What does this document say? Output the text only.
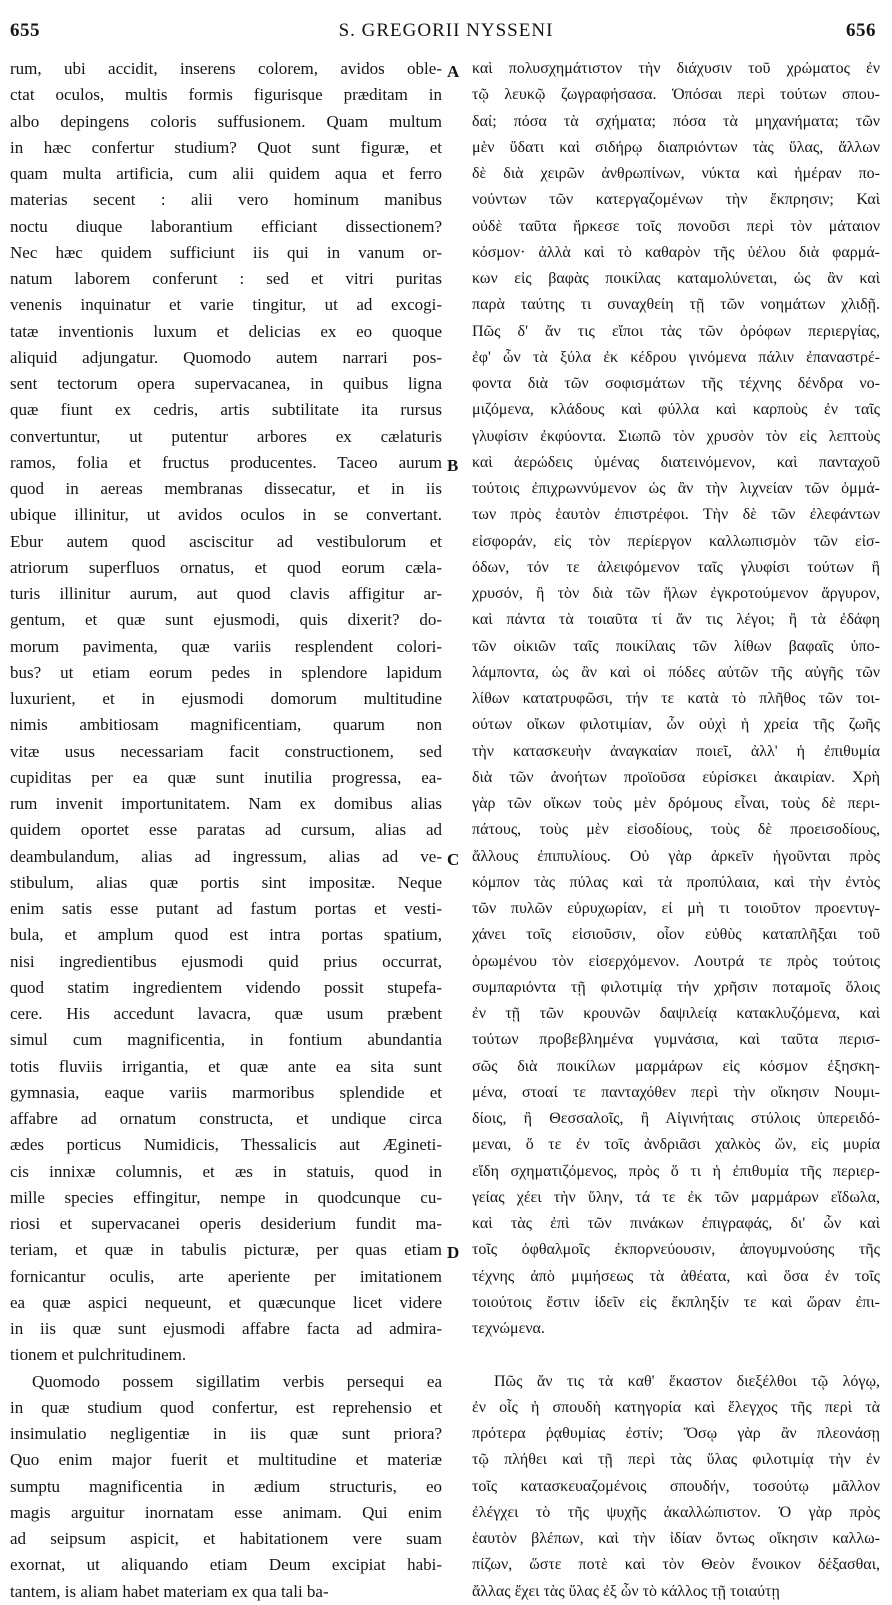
655	S. GREGORII NYSSENI	656
rum, ubi accidit, inserens colorem, avidos oble-
ctat oculos, multis formis figurisque præditam in
albo depingens coloris suffusionem. Quam multum
in hæc confertur studium? Quot sunt figuræ, et
quam multa artificia, cum alii quidem aqua et ferro
materias secent : alii vero hominum manibus
noctu diuque laborantium efficiant dissectionem?
Nec hæc quidem sufficiunt iis qui in vanum or-
natum laborem conferunt : sed et vitri puritas
venenis inquinatur et varie tingitur, ut ad excogi-
tatæ inventionis luxum et delicias ex eo quoque
aliquid adjungatur. Quomodo autem narrari pos-
sent tectorum opera supervacanea, in quibus ligna
quæ fiunt ex cedris, artis subtilitate ita rursus
convertuntur, ut putentur arbores ex cælaturis
ramos, folia et fructus producentes. Taceo aurum
quod in aereas membranas dissecatur, et in iis
ubique illinitur, ut avidos oculos in se convertant.
Ebur autem quod asciscitur ad vestibulorum et
atriorum superfluos ornatus, et quod eorum cæla-
turis illinitur aurum, aut quod clavis affigitur ar-
gentum, et quæ sunt ejusmodi, quis dixerit? do-
morum pavimenta, quæ variis resplendent colori-
bus? ut etiam eorum pedes in splendore lapidum
luxurient, et in ejusmodi domorum multitudine
nimis ambitiosam magnificentiam, quarum non
vitæ usus necessariam facit constructionem, sed
cupiditas per ea quæ sunt inutilia progressa, ea-
rum invenit importunitatem. Nam ex domibus alias
quidem oportet esse paratas ad cursum, alias ad
deambulandum, alias ad ingressum, alias ad ve-
stibulum, alias quæ portis sint impositæ. Neque
enim satis esse putant ad fastum portas et vesti-
bula, et amplum quod est intra portas spatium,
nisi ingredientibus ejusmodi quid prius occurrat,
quod statim ingredientem videndo possit stupefa-
cere. His accedunt lavacra, quæ usum præbent
simul cum magnificentia, in fontium abundantia
totis fluviis irrigantia, et quæ ante ea sita sunt
gymnasia, eaque variis marmoribus splendide et
affabre ad ornatum constructa, et undique circa
ædes porticus Numidicis, Thessalicis aut Ægineti-
cis innixæ columnis, et æs in statuis, quod in
mille species effingitur, nempe in quodcunque cu-
riosi et supervacanei operis desiderium fundit ma-
teriam, et quæ in tabulis picturæ, per quas etiam
fornicantur oculis, arte aperiente per imitationem
ea quæ aspici nequeunt, et quæcunque licet videre
in iis quæ sunt ejusmodi affabre facta ad admira-
tionem et pulchritudinem.
Quomodo possem sigillatim verbis persequi ea
in quæ studium quod confertur, est reprehensio et
insimulatio negligentiæ in iis quæ sunt priora?
Quo enim major fuerit et multitudine et materiæ
sumptu magnificentia in ædium structuris, eo
magis arguitur inornatam esse animam. Qui enim
ad seipsum aspicit, et habitationem vere suam
exornat, ut aliquando etiam Deum excipiat habi-
tantem, is aliam habet materiam ex qua tali ba-
A
B
C
D
καὶ πολυσχημάτιστον τὴν διάχυσιν τοῦ χρώματος ἐν
τῷ λευκῷ ζωγραφήσασα. Ὁπόσαι περὶ τούτων σπου-
δαί; πόσα τὰ σχήματα; πόσα τὰ μηχανήματα; τῶν
μὲν ὕδατι καὶ σιδήρῳ διαπριόντων τὰς ὕλας, ἄλλων
δὲ διὰ χειρῶν ἀνθρωπίνων, νύκτα καὶ ἡμέραν πο-
νούντων τῶν κατεργαζομένων τὴν ἔκπρησιν; Καὶ
οὐδὲ ταῦτα ἤρκεσε τοῖς πονοῦσι περὶ τὸν μάταιον
κόσμον· ἀλλὰ καὶ τὸ καθαρὸν τῆς ὑέλου διὰ φαρμά-
κων εἰς βαφὰς ποικίλας καταμολύνεται, ὡς ἂν καὶ
παρὰ ταύτης τι συναχθείη τῇ τῶν νοημάτων χλιδῇ.
Πῶς δ' ἄν τις εἴποι τὰς τῶν ὀρόφων περιεργίας,
ἐφ' ὧν τὰ ξύλα ἐκ κέδρου γινόμενα πάλιν ἐπαναστρέ-
φοντα διὰ τῶν σοφισμάτων τῆς τέχνης δένδρα νο-
μιζόμενα, κλάδους καὶ φύλλα καὶ καρποὺς ἐν ταῖς
γλυφίσιν ἐκφύοντα. Σιωπῶ τὸν χρυσὸν τὸν εἰς λεπτοὺς
καὶ ἀερώδεις ὑμένας διατεινόμενον, καὶ πανταχοῦ
τούτοις ἐπιχρωννύμενον ὡς ἂν τὴν λιχνείαν τῶν ὀμμά-
των πρὸς ἑαυτὸν ἐπιστρέφοι. Τὴν δὲ τῶν ἐλεφάντων
εἰσφοράν, εἰς τὸν περίεργον καλλωπισμὸν τῶν εἰσ-
όδων, τόν τε ἀλειφόμενον ταῖς γλυφίσι τούτων ἢ
χρυσόν, ἢ τὸν διὰ τῶν ἥλων ἐγκροτούμενον ἄργυρον,
καὶ πάντα τὰ τοιαῦτα τί ἄν τις λέγοι; ἢ τὰ ἐδάφη
τῶν οἰκιῶν ταῖς ποικίλαις τῶν λίθων βαφαῖς ὑπο-
λάμποντα, ὡς ἂν καὶ οἱ πόδες αὐτῶν τῆς αὐγῆς τῶν
λίθων κατατρυφῶσι, τήν τε κατὰ τὸ πλῆθος τῶν τοι-
ούτων οἴκων φιλοτιμίαν, ὧν οὐχὶ ἡ χρεία τῆς ζωῆς
τὴν κατασκευὴν ἀναγκαίαν ποιεῖ, ἀλλ' ἡ ἐπιθυμία
διὰ τῶν ἀνοήτων προϊοῦσα εὑρίσκει ἀκαιρίαν. Χρὴ
γὰρ τῶν οἴκων τοὺς μὲν δρόμους εἶναι, τοὺς δὲ περι-
πάτους, τοὺς μὲν εἰσοδίους, τοὺς δὲ προεισοδίους,
ἄλλους ἐπιπυλίους. Οὐ γὰρ ἀρκεῖν ἡγοῦνται πρὸς
κόμπον τὰς πύλας καὶ τὰ προπύλαια, καὶ τὴν ἐντὸς
τῶν πυλῶν εὐρυχωρίαν, εἰ μὴ τι τοιοῦτον προεντυγ-
χάνει τοῖς εἰσιοῦσιν, οἷον εὐθὺς καταπλῆξαι τοῦ
ὁρωμένου τὸν εἰσερχόμενον. Λουτρά τε πρὸς τούτοις
συμπαριόντα τῇ φιλοτιμίᾳ τὴν χρῆσιν ποταμοῖς ὅλοις
ἐν τῇ τῶν κρουνῶν δαψιλείᾳ κατακλυζόμενα, καὶ
τούτων προβεβλημένα γυμνάσια, καὶ ταῦτα περισ-
σῶς διὰ ποικίλων μαρμάρων εἰς κόσμον ἐξησκη-
μένα, στοαί τε πανταχόθεν περὶ τὴν οἴκησιν Νουμι-
δίοις, ἢ Θεσσαλοῖς, ἢ Αἰγινήταις στύλοις ὑπερειδό-
μεναι, ὅ τε ἐν τοῖς ἀνδριᾶσι χαλκὸς ὤν, εἰς μυρία
εἴδη σχηματιζόμενος, πρὸς ὅ τι ἡ ἐπιθυμία τῆς περιερ-
γείας χέει τὴν ὕλην, τά τε ἐκ τῶν μαρμάρων εἴδωλα,
καὶ τὰς ἐπὶ τῶν πινάκων ἐπιγραφάς, δι' ὧν καὶ
τοῖς ὀφθαλμοῖς ἐκπορνεύουσιν, ἀπογυμνούσης τῆς
τέχνης ἀπὸ μιμήσεως τὰ ἀθέατα, καὶ ὅσα ἐν τοῖς
τοιούτοις ἔστιν ἰδεῖν εἰς ἔκπληξίν τε καὶ ὥραν ἐπι-
τεχνώμενα.
Πῶς ἄν τις τὰ καθ' ἕκαστον διεξέλθοι τῷ λόγῳ,
ἐν οἷς ἡ σπουδὴ κατηγορία καὶ ἔλεγχος τῆς περὶ τὰ
πρότερα ῥᾳθυμίας ἐστίν; Ὅσῳ γὰρ ἂν πλεονάσῃ
τῷ πλήθει καὶ τῇ περὶ τὰς ὕλας φιλοτιμίᾳ τὴν ἐν
τοῖς κατασκευαζομένοις σπουδήν, τοσούτῳ μᾶλλον
ἐλέγχει τὸ τῆς ψυχῆς ἀκαλλώπιστον. Ὁ γὰρ πρὸς
ἑαυτὸν βλέπων, καὶ τὴν ἰδίαν ὄντως οἴκησιν καλλω-
πίζων, ὥστε ποτὲ καὶ τὸν Θεὸν ἔνοικον δέξασθαι,
ἄλλας ἔχει τὰς ὕλας ἐξ ὧν τὸ κάλλος τῇ τοιαύτῃ
